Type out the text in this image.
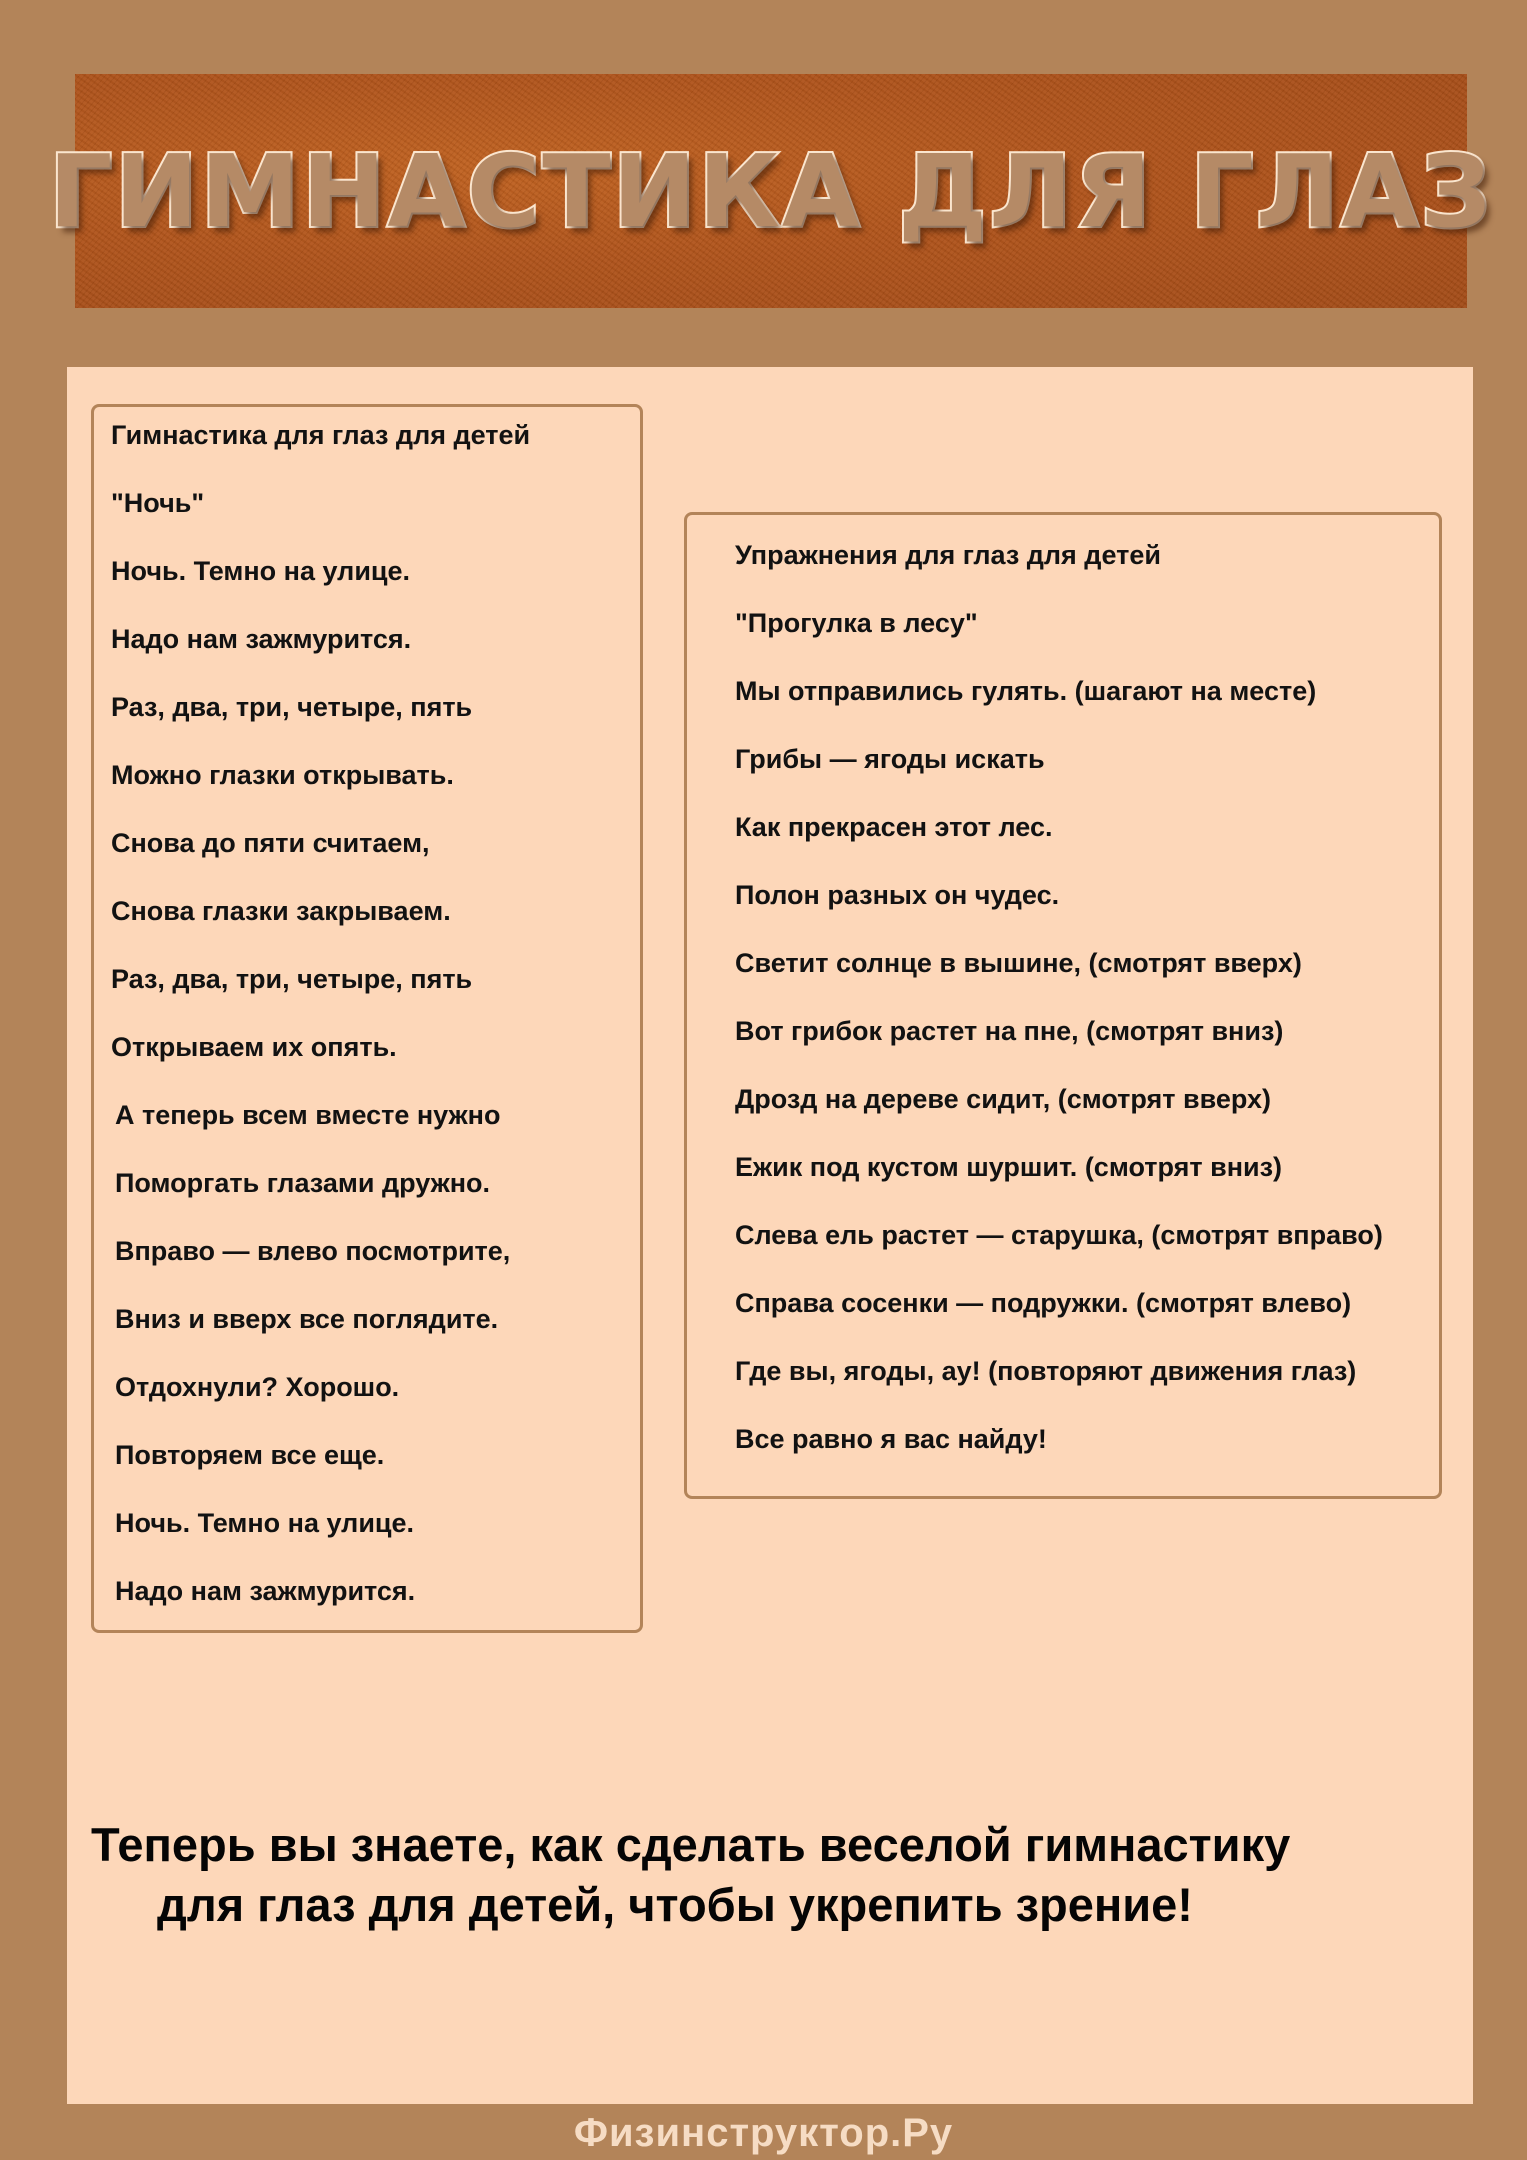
ГИМНАСТИКА ДЛЯ ГЛАЗ

Гимнастика для глаз для детей

"Ночь"

Ночь. Темно на улице.

Надо нам зажмурится.

Раз, два, три, четыре, пять

Можно глазки открывать.

Снова до пяти считаем,

Снова глазки закрываем.

Раз, два, три, четыре, пять

Открываем их опять.

А теперь всем вместе нужно

Поморгать глазами дружно.

Вправо — влево посмотрите,

Вниз и вверх все поглядите.

Отдохнули? Хорошо.

Повторяем все еще.

Ночь. Темно на улице.

Надо нам зажмурится.

Упражнения для глаз для детей

"Прогулка в лесу"

Мы отправились гулять. (шагают на месте)

Грибы — ягоды искать

Как прекрасен этот лес.

Полон разных он чудес.

Светит солнце в вышине, (смотрят вверх)

Вот грибок растет на пне, (смотрят вниз)

Дрозд на дереве сидит, (смотрят вверх)

Ежик под кустом шуршит. (смотрят вниз)

Слева ель растет — старушка, (смотрят вправо)

Справа сосенки — подружки. (смотрят влево)

Где вы, ягоды, ау! (повторяют движения глаз)

Все равно я вас найду!

Теперь вы знаете, как сделать веселой гимнастику
для глаз для детей, чтобы укрепить зрение!

Физинструктор.Ру
